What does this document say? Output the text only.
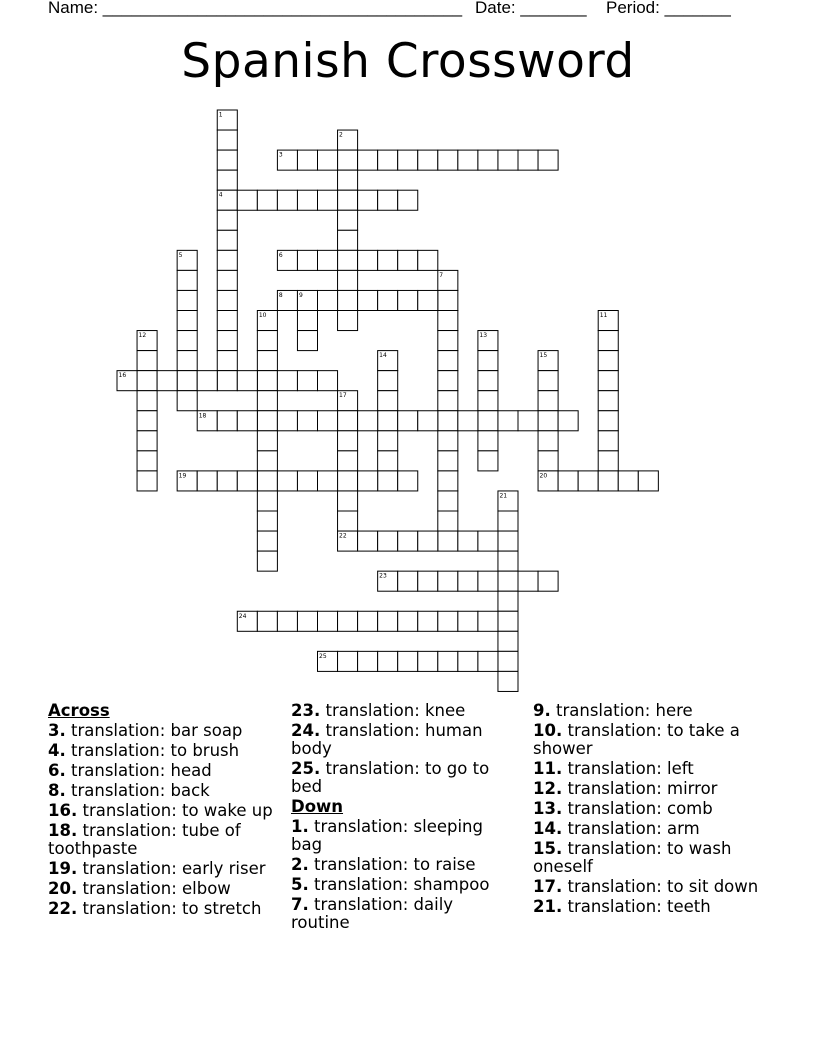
Name: ______________________________________ Date: _______ Period: _______
Spanish Crossword
1
2
3
4
5	6
7
8	9
10	11
12	13
14	15
16
17
18
19	20
21
22
23
24
25
Across
3. translation: bar soap
4. translation: to brush
6. translation: head
8. translation: back
16. translation: to wake up
18. translation: tube of toothpaste
19. translation: early riser
20. translation: elbow
22. translation: to stretch
23. translation: knee
24. translation: human body
25. translation: to go to bed
Down
1. translation: sleeping bag
2. translation: to raise
5. translation: shampoo
7. translation: daily routine
9. translation: here
10. translation: to take a shower
11. translation: left
12. translation: mirror
13. translation: comb
14. translation: arm
15. translation: to wash oneself
17. translation: to sit down
21. translation: teeth
